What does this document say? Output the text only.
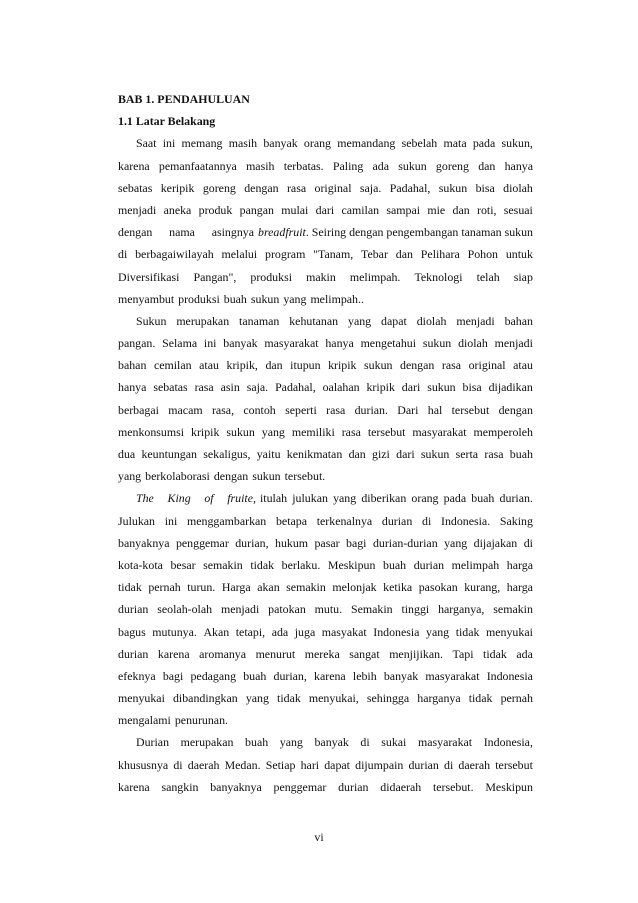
BAB 1. PENDAHULUAN
1.1 Latar Belakang
Saat ini memang masih banyak orang memandang sebelah mata pada sukun,
karena pemanfaatannya masih terbatas. Paling ada sukun goreng dan hanya
sebatas keripik goreng dengan rasa original saja. Padahal, sukun bisa diolah
menjadi aneka produk pangan mulai dari camilan sampai mie dan roti, sesuai
dengan nama asingnya breadfruit. Seiring dengan pengembangan tanaman sukun
di berbagaiwilayah melalui program "Tanam, Tebar dan Pelihara Pohon untuk
Diversifikasi Pangan", produksi makin melimpah. Teknologi telah siap
menyambut produksi buah sukun yang melimpah..
Sukun merupakan tanaman kehutanan yang dapat diolah menjadi bahan
pangan. Selama ini banyak masyarakat hanya mengetahui sukun diolah menjadi
bahan cemilan atau kripik, dan itupun kripik sukun dengan rasa original atau
hanya sebatas rasa asin saja. Padahal, oalahan kripik dari sukun bisa dijadikan
berbagai macam rasa, contoh seperti rasa durian. Dari hal tersebut dengan
menkonsumsi kripik sukun yang memiliki rasa tersebut masyarakat memperoleh
dua keuntungan sekaligus, yaitu kenikmatan dan gizi dari sukun serta rasa buah
yang berkolaborasi dengan sukun tersebut.
The King of fruite, itulah julukan yang diberikan orang pada buah durian.
Julukan ini menggambarkan betapa terkenalnya durian di Indonesia. Saking
banyaknya penggemar durian, hukum pasar bagi durian-durian yang dijajakan di
kota-kota besar semakin tidak berlaku. Meskipun buah durian melimpah harga
tidak pernah turun. Harga akan semakin melonjak ketika pasokan kurang, harga
durian seolah-olah menjadi patokan mutu. Semakin tinggi harganya, semakin
bagus mutunya. Akan tetapi, ada juga masyakat Indonesia yang tidak menyukai
durian karena aromanya menurut mereka sangat menjijikan. Tapi tidak ada
efeknya bagi pedagang buah durian, karena lebih banyak masyarakat Indonesia
menyukai dibandingkan yang tidak menyukai, sehingga harganya tidak pernah
mengalami penurunan.
Durian merupakan buah yang banyak di sukai masyarakat Indonesia,
khususnya di daerah Medan. Setiap hari dapat dijumpain durian di daerah tersebut
karena sangkin banyaknya penggemar durian didaerah tersebut. Meskipun
vi
